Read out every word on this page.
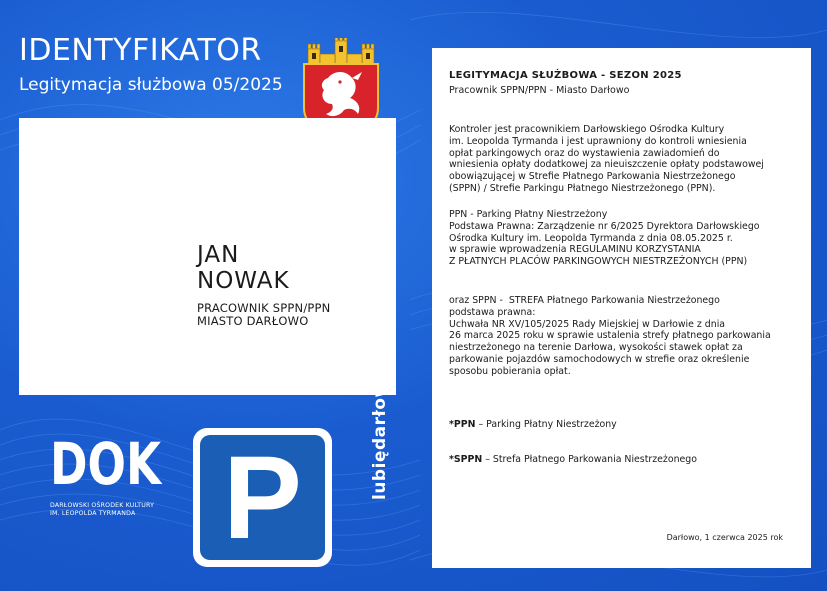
IDENTYFIKATOR
Legitymacja służbowa 05/2025
JAN
NOWAK
PRACOWNIK SPPN/PPN
MIASTO DARŁOWO
DOK
DARŁOWSKI OŚRODEK KULTURY
IM. LEOPOLDA TYRMANDA P	lubiędarłowo
LEGITYMACJA SŁUŻBOWA - SEZON 2025
Pracownik SPPN/PPN - Miasto Darłowo
Kontroler jest pracownikiem Darłowskiego Ośrodka Kultury
im. Leopolda Tyrmanda i jest uprawniony do kontroli wniesienia
opłat parkingowych oraz do wystawienia zawiadomień do
wniesienia opłaty dodatkowej za nieuiszczenie opłaty podstawowej
obowiązującej w Strefie Płatnego Parkowania Niestrzeżonego
(SPPN) / Strefie Parkingu Płatnego Niestrzeżonego (PPN).
PPN - Parking Płatny Niestrzeżony
Podstawa Prawna: Zarządzenie nr 6/2025 Dyrektora Darłowskiego
Ośrodka Kultury im. Leopolda Tyrmanda z dnia 08.05.2025 r.
w sprawie wprowadzenia REGULAMINU KORZYSTANIA
Z PŁATNYCH PLACÓW PARKINGOWYCH NIESTRZEŻONYCH (PPN)
oraz SPPN -  STREFA Płatnego Parkowania Niestrzeżonego
podstawa prawna:
Uchwała NR XV/105/2025 Rady Miejskiej w Darłowie z dnia
26 marca 2025 roku w sprawie ustalenia strefy płatnego parkowania
niestrzeżonego na terenie Darłowa, wysokości stawek opłat za
parkowanie pojazdów samochodowych w strefie oraz określenie
sposobu pobierania opłat.

*PPN – Parking Płatny Niestrzeżony

*SPPN – Strefa Płatnego Parkowania Niestrzeżonego

Darłowo, 1 czerwca 2025 rok
